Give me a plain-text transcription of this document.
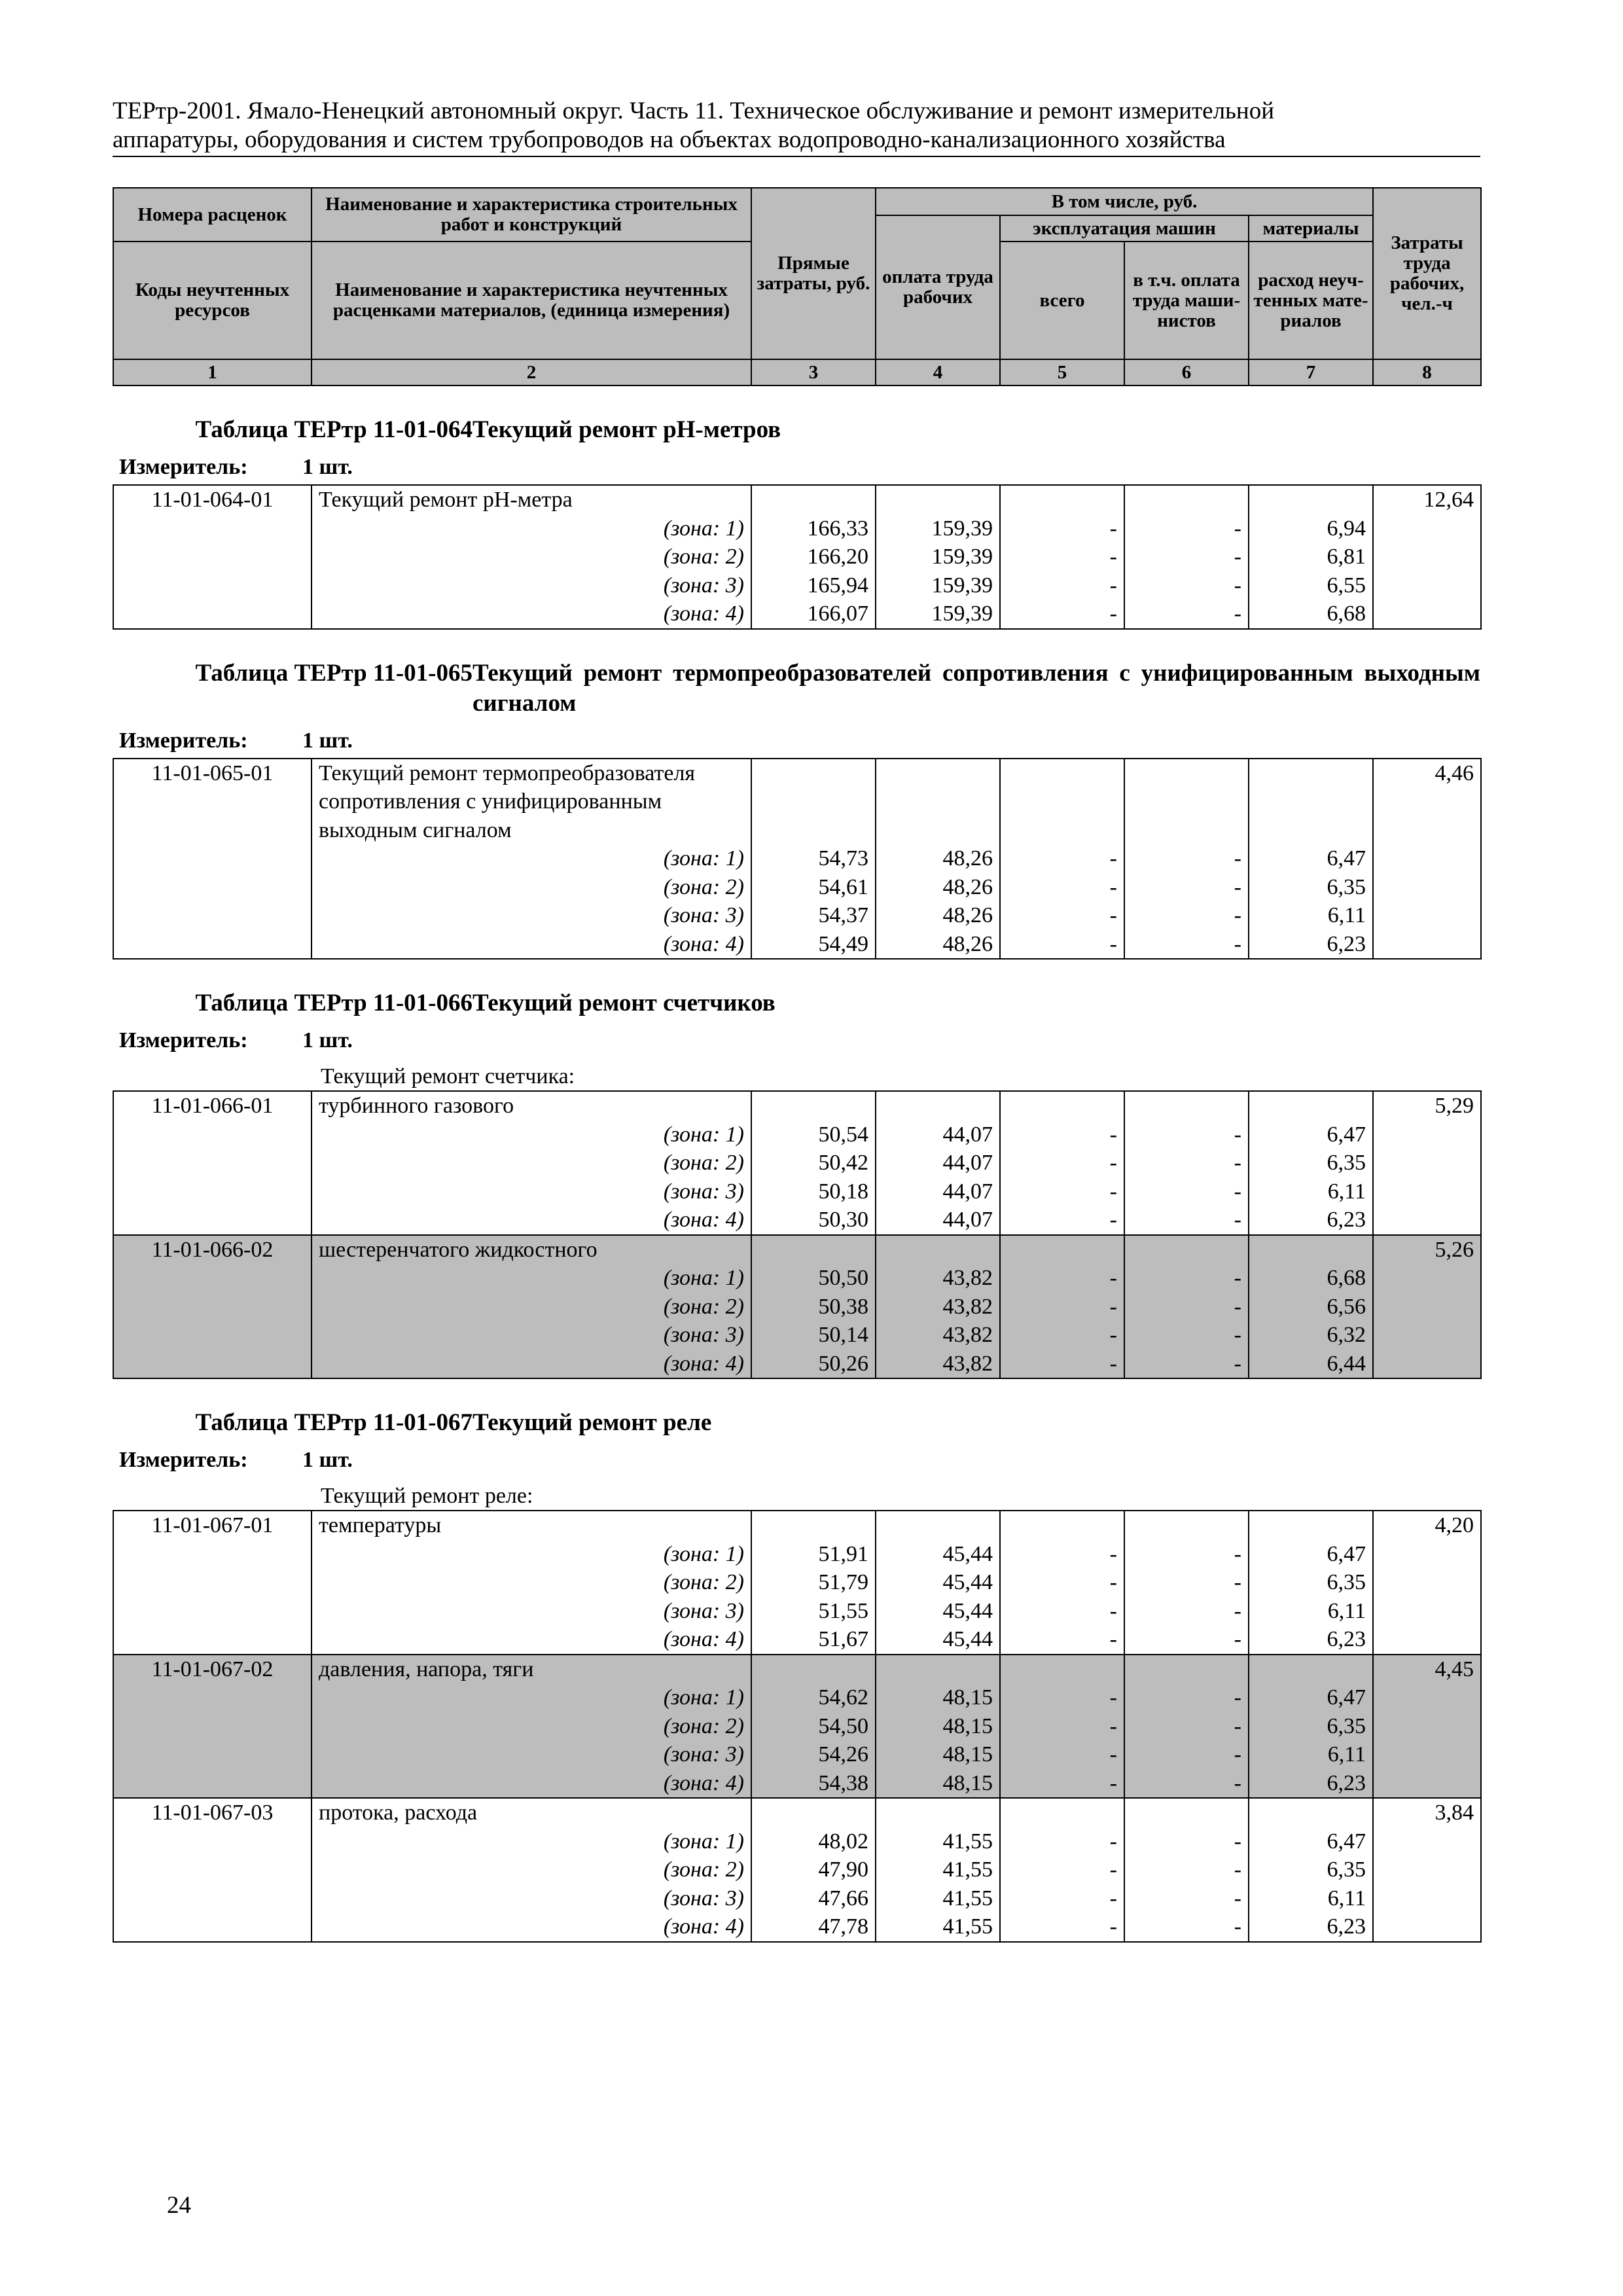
ТЕРтр-2001. Ямало-Ненецкий автономный округ. Часть 11. Техническое обслуживание и ремонт измерительной
аппаратуры, оборудования и систем трубопроводов на объектах водопроводно-канализационного хозяйства
Номера расценок	Наименование и характеристика строительных работ и конструкций	Прямые затраты, руб.	В том числе, руб.				Затраты труда рабочих, чел.-ч
			оплата труда рабочих	эксплуатация машин		материалы	
Коды неучтенных ресурсов	Наименование и характеристика неучтенных расценками материалов, (единица измерения)			всего	в т.ч. оплата труда маши-нистов	расход неуч-тенных мате-риалов	

1	2	3	4	5	6	7	8
Таблица ТЕРтр 11-01-064 Текущий ремонт pH-метров
Измеритель: 1 шт.
11-01-064-01	Текущий ремонт pH-метра						12,64
	(зона: 1)	166,33	159,39	-	-	6,94	
	(зона: 2)	166,20	159,39	-	-	6,81	
	(зона: 3)	165,94	159,39	-	-	6,55	
	(зона: 4)	166,07	159,39	-	-	6,68	
Таблица ТЕРтр 11-01-065 Текущий ремонт термопреобразователей сопротивления с унифицированным выходным сигналом
Измеритель: 1 шт.
11-01-065-01	Текущий ремонт термопреобразователя сопротивления с унифицированным выходным сигналом						4,46
	(зона: 1)	54,73	48,26	-	-	6,47	
	(зона: 2)	54,61	48,26	-	-	6,35	
	(зона: 3)	54,37	48,26	-	-	6,11	
	(зона: 4)	54,49	48,26	-	-	6,23	
Таблица ТЕРтр 11-01-066 Текущий ремонт счетчиков
Измеритель: 1 шт.
Текущий ремонт счетчика:
11-01-066-01	турбинного газового						5,29
	(зона: 1)	50,54	44,07	-	-	6,47	
	(зона: 2)	50,42	44,07	-	-	6,35	
	(зона: 3)	50,18	44,07	-	-	6,11	
	(зона: 4)	50,30	44,07	-	-	6,23	
11-01-066-02	шестеренчатого жидкостного						5,26
	(зона: 1)	50,50	43,82	-	-	6,68	
	(зона: 2)	50,38	43,82	-	-	6,56	
	(зона: 3)	50,14	43,82	-	-	6,32	
	(зона: 4)	50,26	43,82	-	-	6,44	
Таблица ТЕРтр 11-01-067 Текущий ремонт реле
Измеритель: 1 шт.
Текущий ремонт реле:
11-01-067-01	температуры						4,20
	(зона: 1)	51,91	45,44	-	-	6,47	
	(зона: 2)	51,79	45,44	-	-	6,35	
	(зона: 3)	51,55	45,44	-	-	6,11	
	(зона: 4)	51,67	45,44	-	-	6,23	
11-01-067-02	давления, напора, тяги						4,45
	(зона: 1)	54,62	48,15	-	-	6,47	
	(зона: 2)	54,50	48,15	-	-	6,35	
	(зона: 3)	54,26	48,15	-	-	6,11	
	(зона: 4)	54,38	48,15	-	-	6,23	
11-01-067-03	протока, расхода						3,84
	(зона: 1)	48,02	41,55	-	-	6,47	
	(зона: 2)	47,90	41,55	-	-	6,35	
	(зона: 3)	47,66	41,55	-	-	6,11	
	(зона: 4)	47,78	41,55	-	-	6,23	
24
